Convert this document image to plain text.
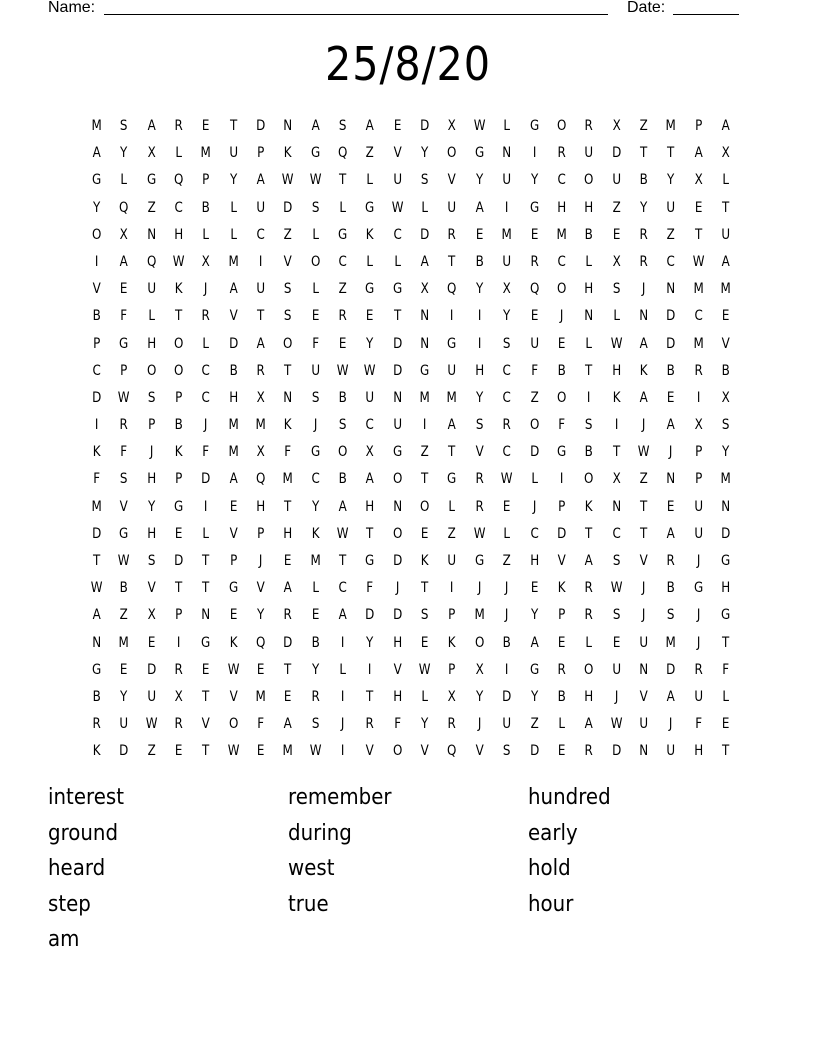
Name:	Date:
25/8/20
M	S	A	R	E	T	D	N	A	S	A	E	D	X	W	L	G	O	R	X	Z	M	P	A
A	Y	X	L	M	U	P	K	G	Q	Z	V	Y	O	G	N	I	R	U	D	T	T	A	X
G	L	G	Q	P	Y	A	W	W	T	L	U	S	V	Y	U	Y	C	O	U	B	Y	X	L
Y	Q	Z	C	B	L	U	D	S	L	G	W	L	U	A	I	G	H	H	Z	Y	U	E	T
O	X	N	H	L	L	C	Z	L	G	K	C	D	R	E	M	E	M	B	E	R	Z	T	U
I	A	Q	W	X	M	I	V	O	C	L	L	A	T	B	U	R	C	L	X	R	C	W	A
V	E	U	K	J	A	U	S	L	Z	G	G	X	Q	Y	X	Q	O	H	S	J	N	M	M
B	F	L	T	R	V	T	S	E	R	E	T	N	I	I	Y	E	J	N	L	N	D	C	E
P	G	H	O	L	D	A	O	F	E	Y	D	N	G	I	S	U	E	L	W	A	D	M	V
C	P	O	O	C	B	R	T	U	W	W	D	G	U	H	C	F	B	T	H	K	B	R	B
D	W	S	P	C	H	X	N	S	B	U	N	M	M	Y	C	Z	O	I	K	A	E	I	X
I	R	P	B	J	M	M	K	J	S	C	U	I	A	S	R	O	F	S	I	J	A	X	S
K	F	J	K	F	M	X	F	G	O	X	G	Z	T	V	C	D	G	B	T	W	J	P	Y
F	S	H	P	D	A	Q	M	C	B	A	O	T	G	R	W	L	I	O	X	Z	N	P	M
M	V	Y	G	I	E	H	T	Y	A	H	N	O	L	R	E	J	P	K	N	T	E	U	N
D	G	H	E	L	V	P	H	K	W	T	O	E	Z	W	L	C	D	T	C	T	A	U	D
T	W	S	D	T	P	J	E	M	T	G	D	K	U	G	Z	H	V	A	S	V	R	J	G
W	B	V	T	T	G	V	A	L	C	F	J	T	I	J	J	E	K	R	W	J	B	G	H
A	Z	X	P	N	E	Y	R	E	A	D	D	S	P	M	J	Y	P	R	S	J	S	J	G
N	M	E	I	G	K	Q	D	B	I	Y	H	E	K	O	B	A	E	L	E	U	M	J	T
G	E	D	R	E	W	E	T	Y	L	I	V	W	P	X	I	G	R	O	U	N	D	R	F
B	Y	U	X	T	V	M	E	R	I	T	H	L	X	Y	D	Y	B	H	J	V	A	U	L
R	U	W	R	V	O	F	A	S	J	R	F	Y	R	J	U	Z	L	A	W	U	J	F	E
K	D	Z	E	T	W	E	M	W	I	V	O	V	Q	V	S	D	E	R	D	N	U	H	T
interest	remember	hundred
ground	during	early
heard	west	hold
step	true	hour
am
